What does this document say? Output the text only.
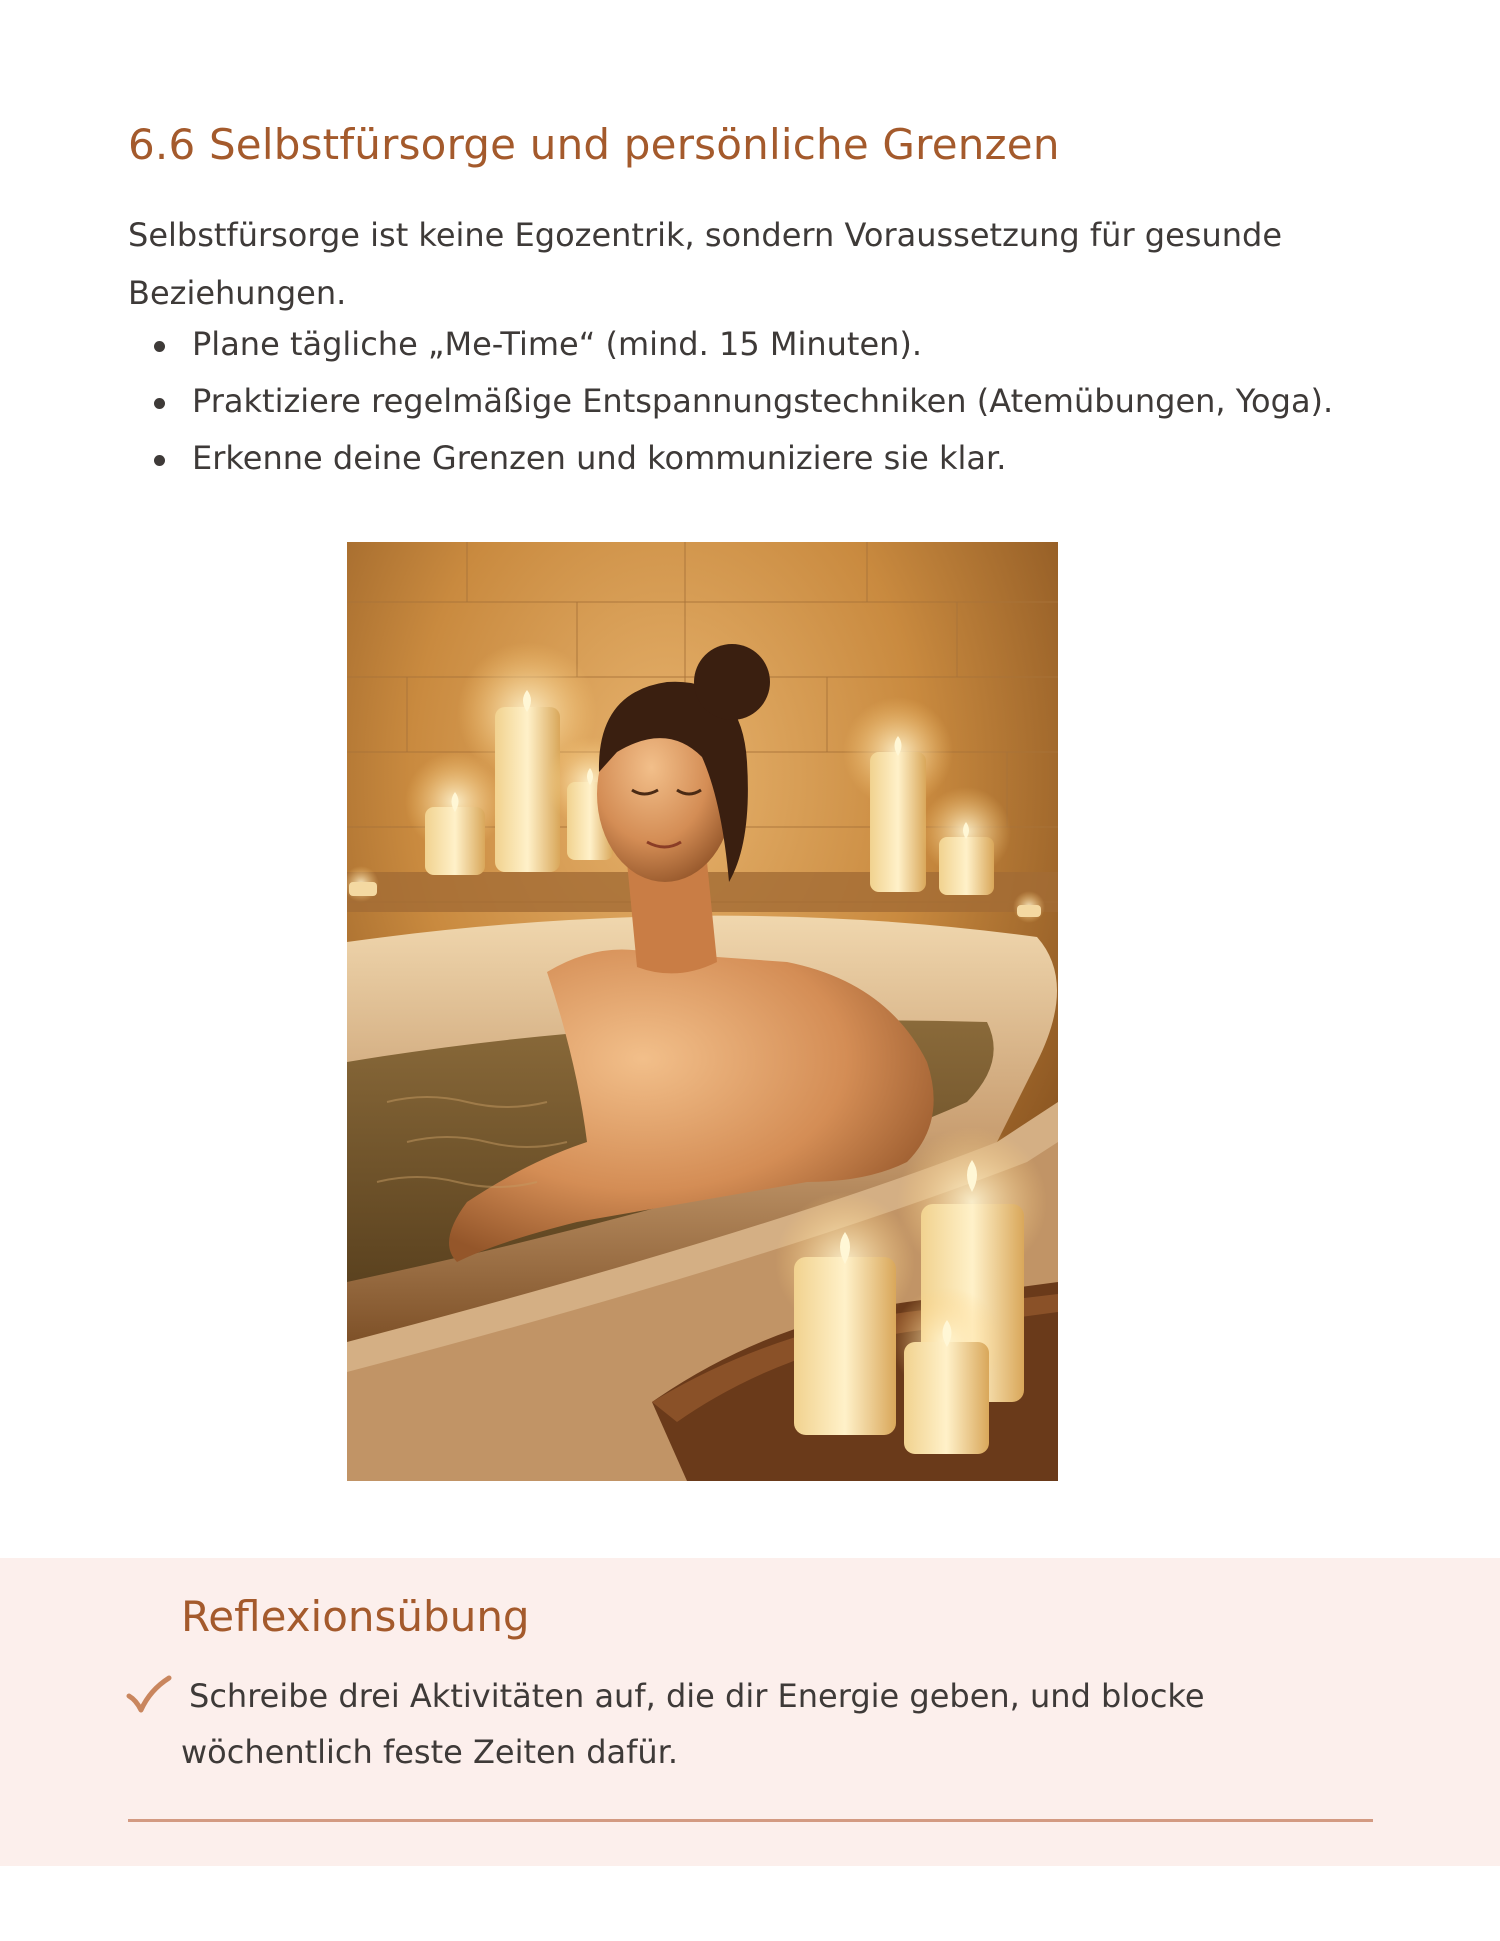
6.6 Selbstfürsorge und persönliche Grenzen

Selbstfürsorge ist keine Egozentrik, sondern Voraussetzung für gesunde Beziehungen.

Plane tägliche „Me-Time“ (mind. 15 Minuten).
Praktiziere regelmäßige Entspannungstechniken (Atemübungen, Yoga).
Erkenne deine Grenzen und kommuniziere sie klar.
Reflexionsübung

Schreibe drei Aktivitäten auf, die dir Energie geben, und blocke wöchentlich feste Zeiten dafür.
